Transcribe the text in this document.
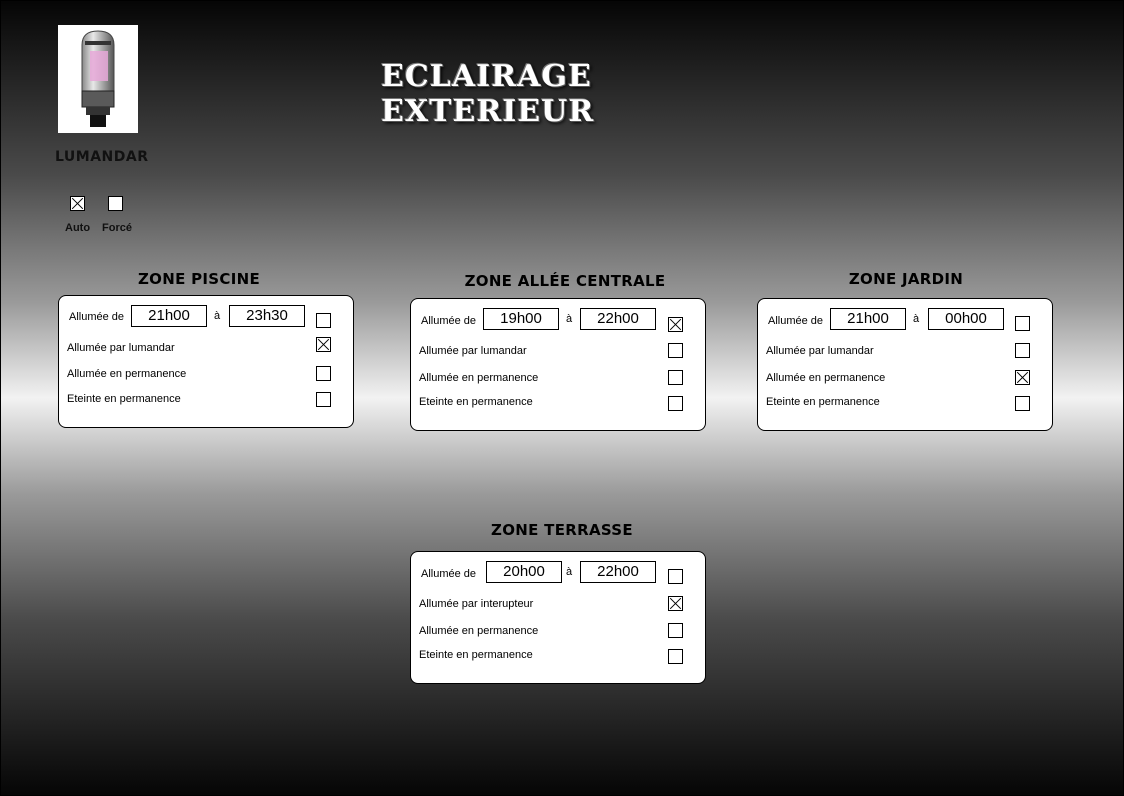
ECLAIRAGE EXTERIEUR
LUMANDAR
Auto Forcé
ZONE PISCINE
Allumée de	21h00	à	23h30
Allumée par lumandar
Allumée en permanence
Eteinte en permanence
ZONE ALLÉE CENTRALE
Allumée de	19h00	à	22h00
Allumée par lumandar
Allumée en permanence
Eteinte en permanence
ZONE JARDIN
Allumée de	21h00	à	00h00
Allumée par lumandar
Allumée en permanence
Eteinte en permanence
ZONE TERRASSE
Allumée de	20h00	à	22h00
Allumée par interupteur
Allumée en permanence
Eteinte en permanence
